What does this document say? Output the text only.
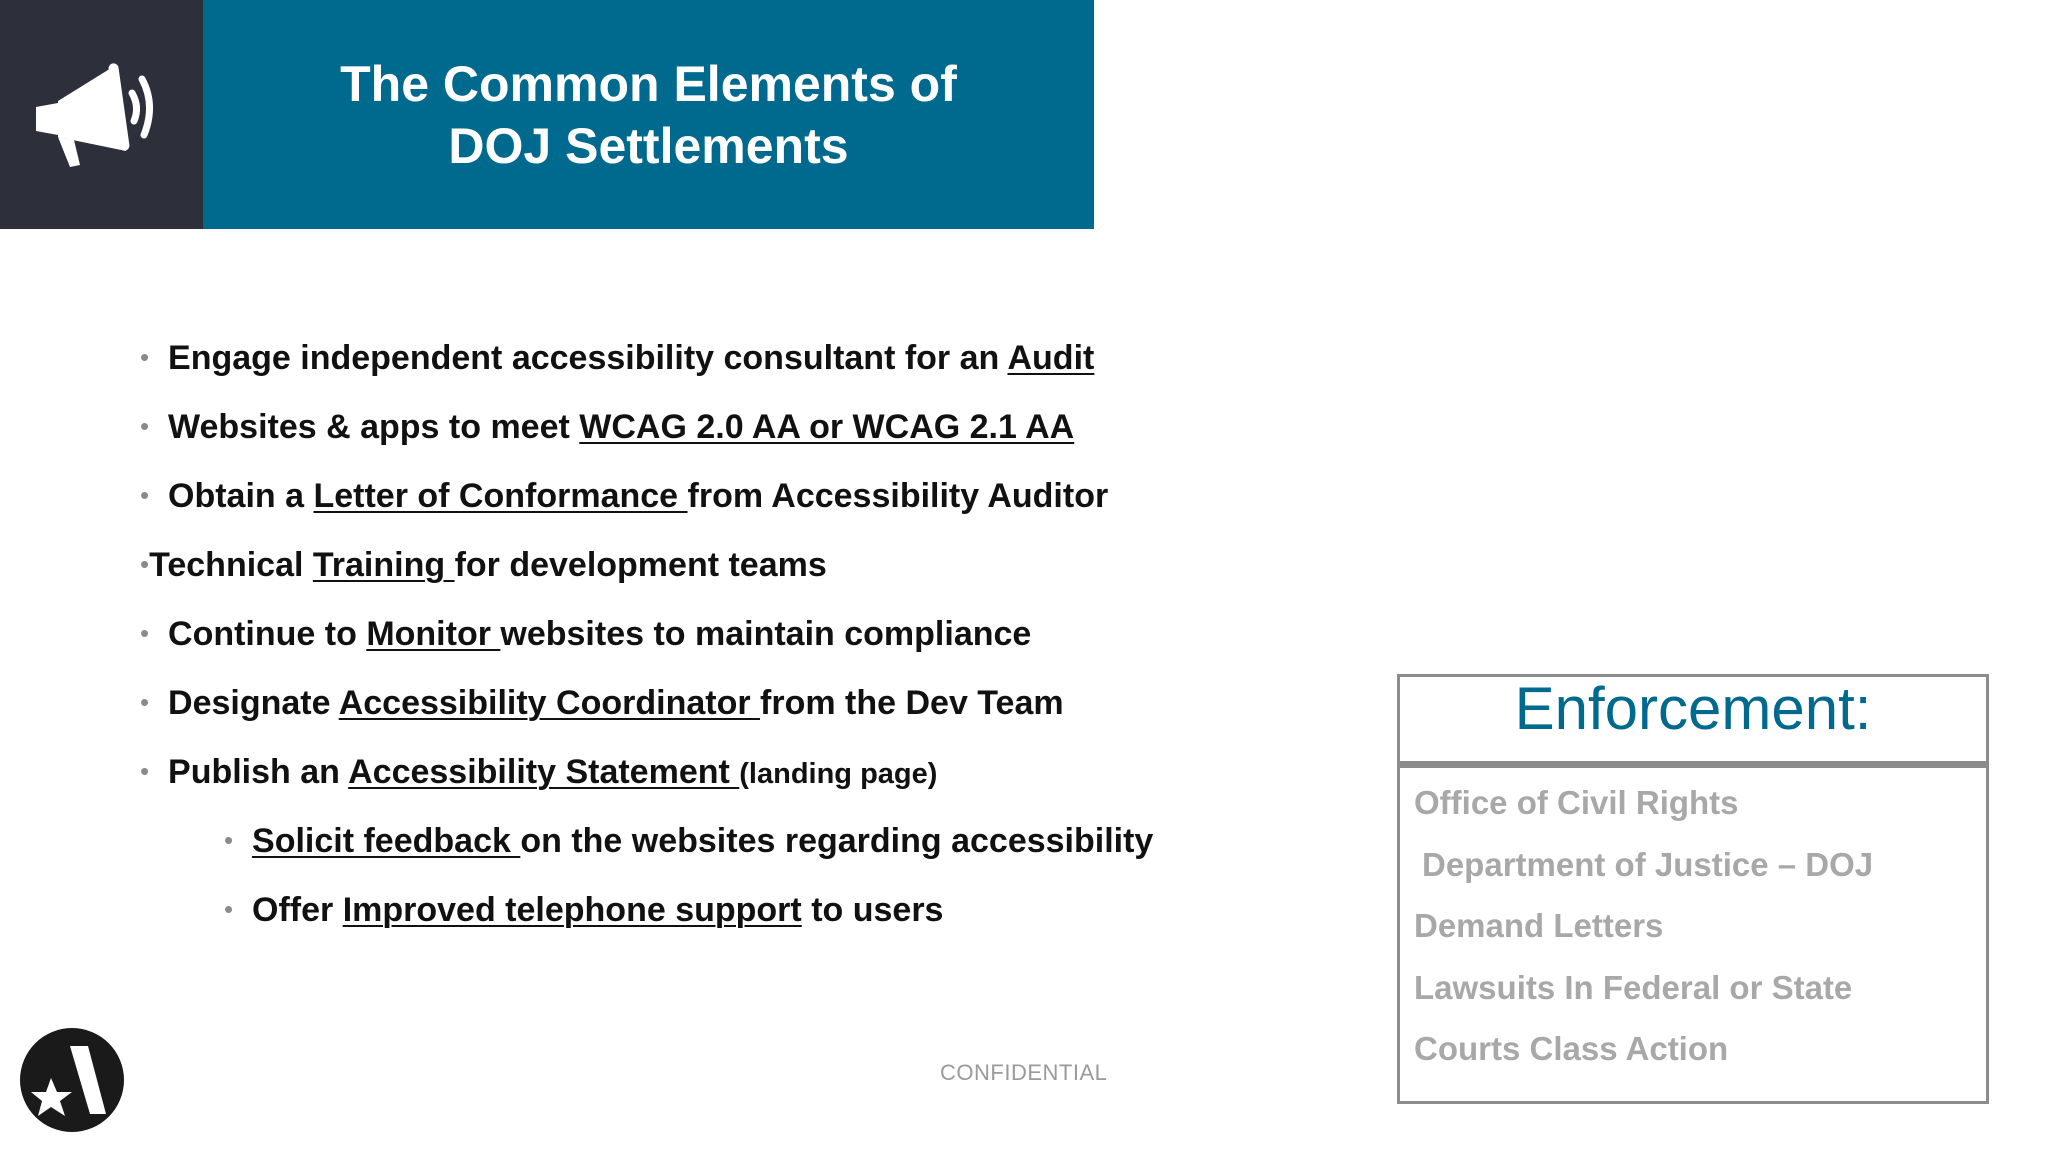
The Common Elements of
DOJ Settlements
• Engage independent accessibility consultant for an Audit
• Websites & apps to meet WCAG 2.0 AA or WCAG 2.1 AA
• Obtain a Letter of Conformance from Accessibility Auditor
•Technical Training for development teams
• Continue to Monitor websites to maintain compliance
• Designate Accessibility Coordinator from the Dev Team
• Publish an Accessibility Statement (landing page)
• Solicit feedback on the websites regarding accessibility
• Offer Improved telephone support to users
Enforcement:
Office of Civil Rights
Department of Justice – DOJ
Demand Letters
Lawsuits In Federal or State
Courts Class Action
CONFIDENTIAL
